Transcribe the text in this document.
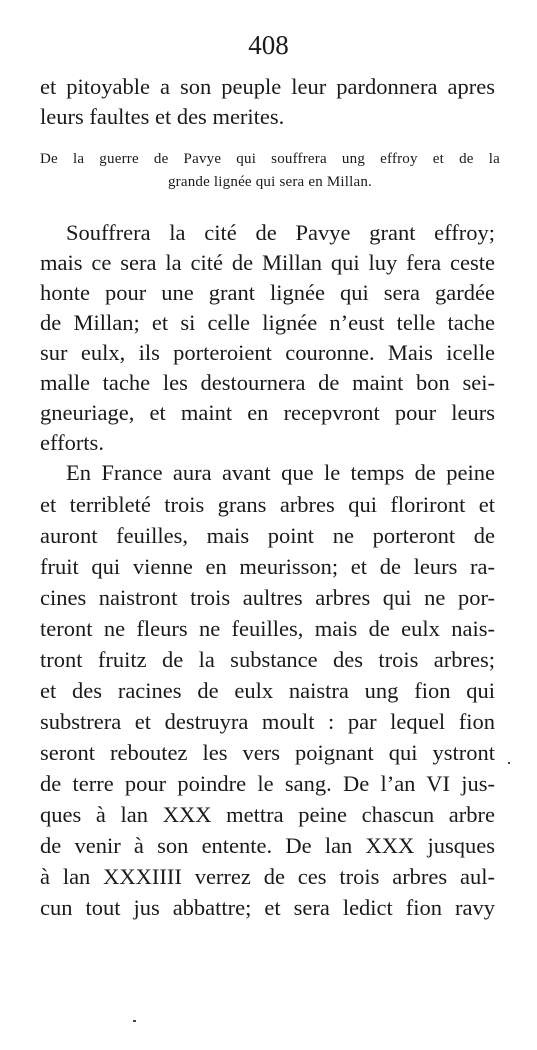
408
et pitoyable a son peuple leur pardonnera apres
leurs faultes et des merites.
De la guerre de Pavye qui souffrera ung effroy et de la
grande lignée qui sera en Millan.
Souffrera la cité de Pavye grant effroy;
mais ce sera la cité de Millan qui luy fera ceste
honte pour une grant lignée qui sera gardée
de Millan; et si celle lignée n’eust telle tache
sur eulx, ils porteroient couronne. Mais icelle
malle tache les destournera de maint bon sei-
gneuriage, et maint en recepvront pour leurs
efforts.
En France aura avant que le temps de peine
et terribleté trois grans arbres qui floriront et
auront feuilles, mais point ne porteront de
fruit qui vienne en meurisson; et de leurs ra-
cines naistront trois aultres arbres qui ne por-
teront ne fleurs ne feuilles, mais de eulx nais-
tront fruitz de la substance des trois arbres;
et des racines de eulx naistra ung fion qui
substrera et destruyra moult : par lequel fion
seront reboutez les vers poignant qui ystront
de terre pour poindre le sang. De l’an VI jus-
ques à lan XXX mettra peine chascun arbre
de venir à son entente. De lan XXX jusques
à lan XXXIIII verrez de ces trois arbres aul-
cun tout jus abbattre; et sera ledict fion ravy
